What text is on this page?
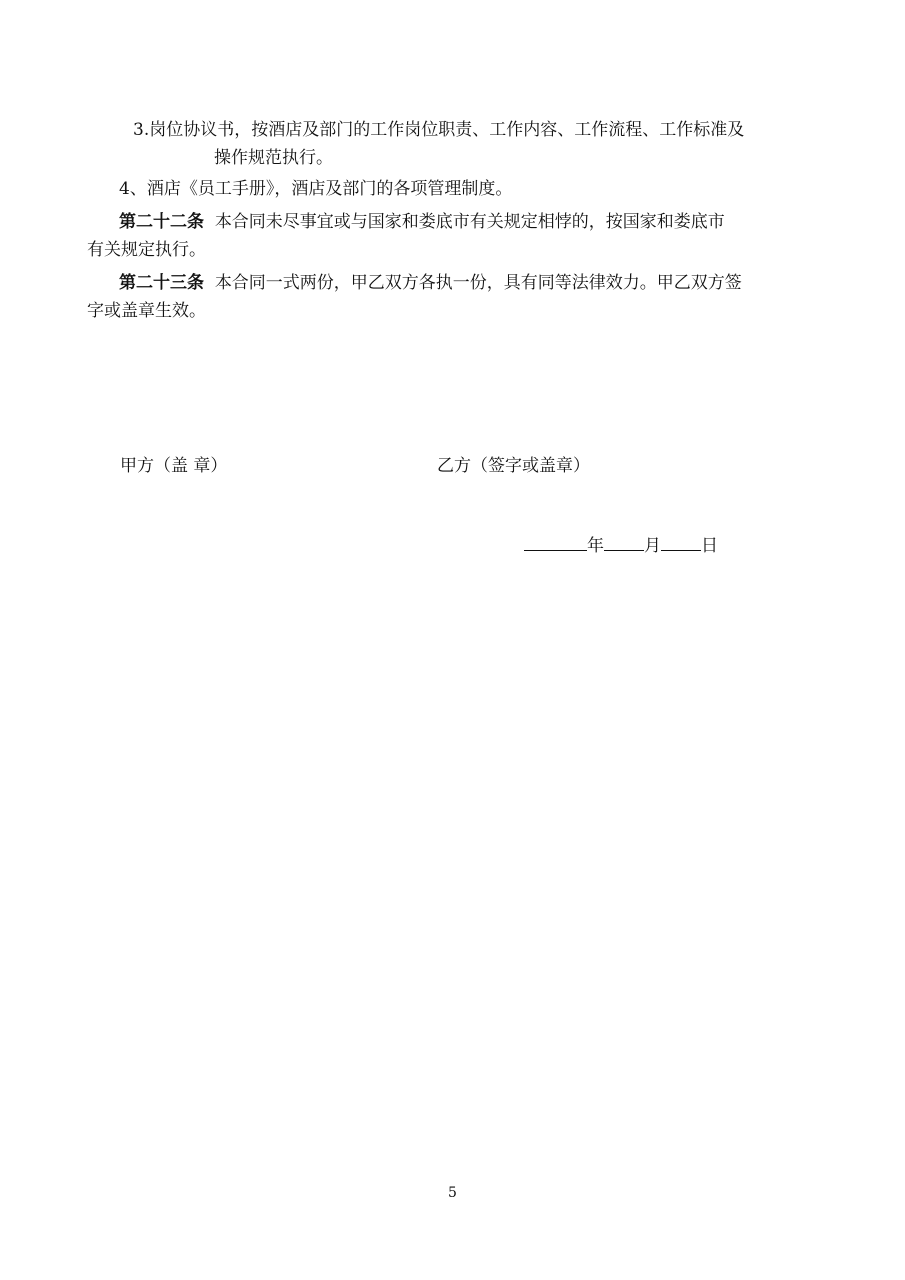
3.岗位协议书，按酒店及部门的工作岗位职责、工作内容、工作流程、工作标准及
操作规范执行。
4、酒店《员工手册》，酒店及部门的各项管理制度。
第二十二条 本合同未尽事宜或与国家和娄底市有关规定相悖的，按国家和娄底市
有关规定执行。
第二十三条 本合同一式两份，甲乙双方各执一份，具有同等法律效力。甲乙双方签
字或盖章生效。
甲方（盖 章）	乙方（签字或盖章）
年 月 日
5
